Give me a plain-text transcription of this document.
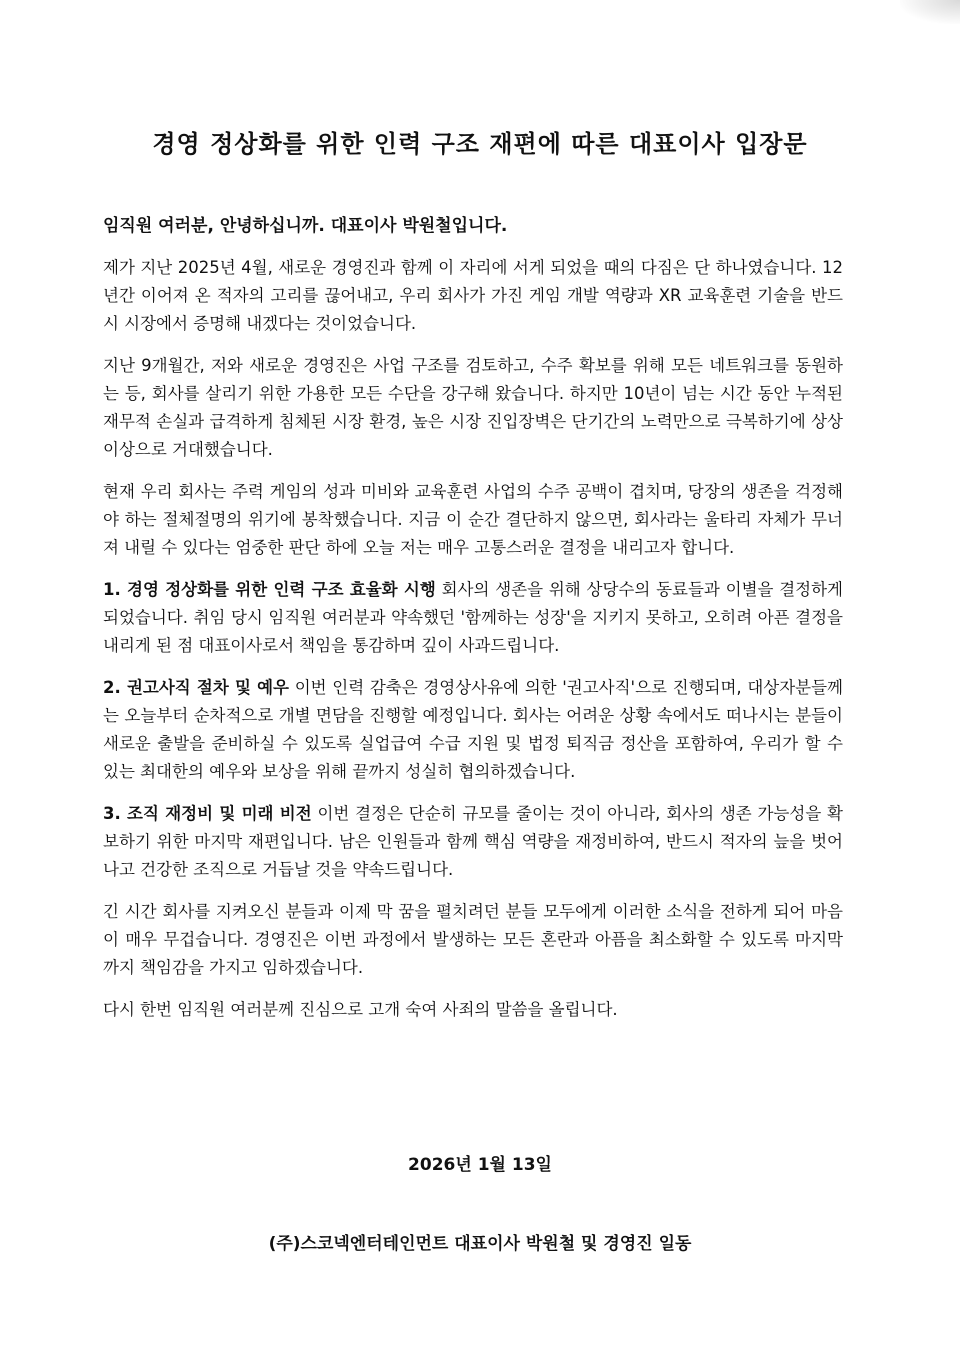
경영 정상화를 위한 인력 구조 재편에 따른 대표이사 입장문

임직원 여러분, 안녕하십니까. 대표이사 박원철입니다.

제가 지난 2025년 4월, 새로운 경영진과 함께 이 자리에 서게 되었을 때의 다짐은 단 하나였습니다. 12년간 이어져 온 적자의 고리를 끊어내고, 우리 회사가 가진 게임 개발 역량과 XR 교육훈련 기술을 반드시 시장에서 증명해 내겠다는 것이었습니다.

지난 9개월간, 저와 새로운 경영진은 사업 구조를 검토하고, 수주 확보를 위해 모든 네트워크를 동원하는 등, 회사를 살리기 위한 가용한 모든 수단을 강구해 왔습니다. 하지만 10년이 넘는 시간 동안 누적된 재무적 손실과 급격하게 침체된 시장 환경, 높은 시장 진입장벽은 단기간의 노력만으로 극복하기에 상상 이상으로 거대했습니다.

현재 우리 회사는 주력 게임의 성과 미비와 교육훈련 사업의 수주 공백이 겹치며, 당장의 생존을 걱정해야 하는 절체절명의 위기에 봉착했습니다. 지금 이 순간 결단하지 않으면, 회사라는 울타리 자체가 무너져 내릴 수 있다는 엄중한 판단 하에 오늘 저는 매우 고통스러운 결정을 내리고자 합니다.

1. 경영 정상화를 위한 인력 구조 효율화 시행 회사의 생존을 위해 상당수의 동료들과 이별을 결정하게 되었습니다. 취임 당시 임직원 여러분과 약속했던 '함께하는 성장'을 지키지 못하고, 오히려 아픈 결정을 내리게 된 점 대표이사로서 책임을 통감하며 깊이 사과드립니다.

2. 권고사직 절차 및 예우 이번 인력 감축은 경영상사유에 의한 '권고사직'으로 진행되며, 대상자분들께는 오늘부터 순차적으로 개별 면담을 진행할 예정입니다. 회사는 어려운 상황 속에서도 떠나시는 분들이 새로운 출발을 준비하실 수 있도록 실업급여 수급 지원 및 법정 퇴직금 정산을 포함하여, 우리가 할 수 있는 최대한의 예우와 보상을 위해 끝까지 성실히 협의하겠습니다.

3. 조직 재정비 및 미래 비전 이번 결정은 단순히 규모를 줄이는 것이 아니라, 회사의 생존 가능성을 확보하기 위한 마지막 재편입니다. 남은 인원들과 함께 핵심 역량을 재정비하여, 반드시 적자의 늪을 벗어나고 건강한 조직으로 거듭날 것을 약속드립니다.

긴 시간 회사를 지켜오신 분들과 이제 막 꿈을 펼치려던 분들 모두에게 이러한 소식을 전하게 되어 마음이 매우 무겁습니다. 경영진은 이번 과정에서 발생하는 모든 혼란과 아픔을 최소화할 수 있도록 마지막까지 책임감을 가지고 임하겠습니다.

다시 한번 임직원 여러분께 진심으로 고개 숙여 사죄의 말씀을 올립니다.

2026년 1월 13일
(주)스코넥엔터테인먼트 대표이사 박원철 및 경영진 일동
